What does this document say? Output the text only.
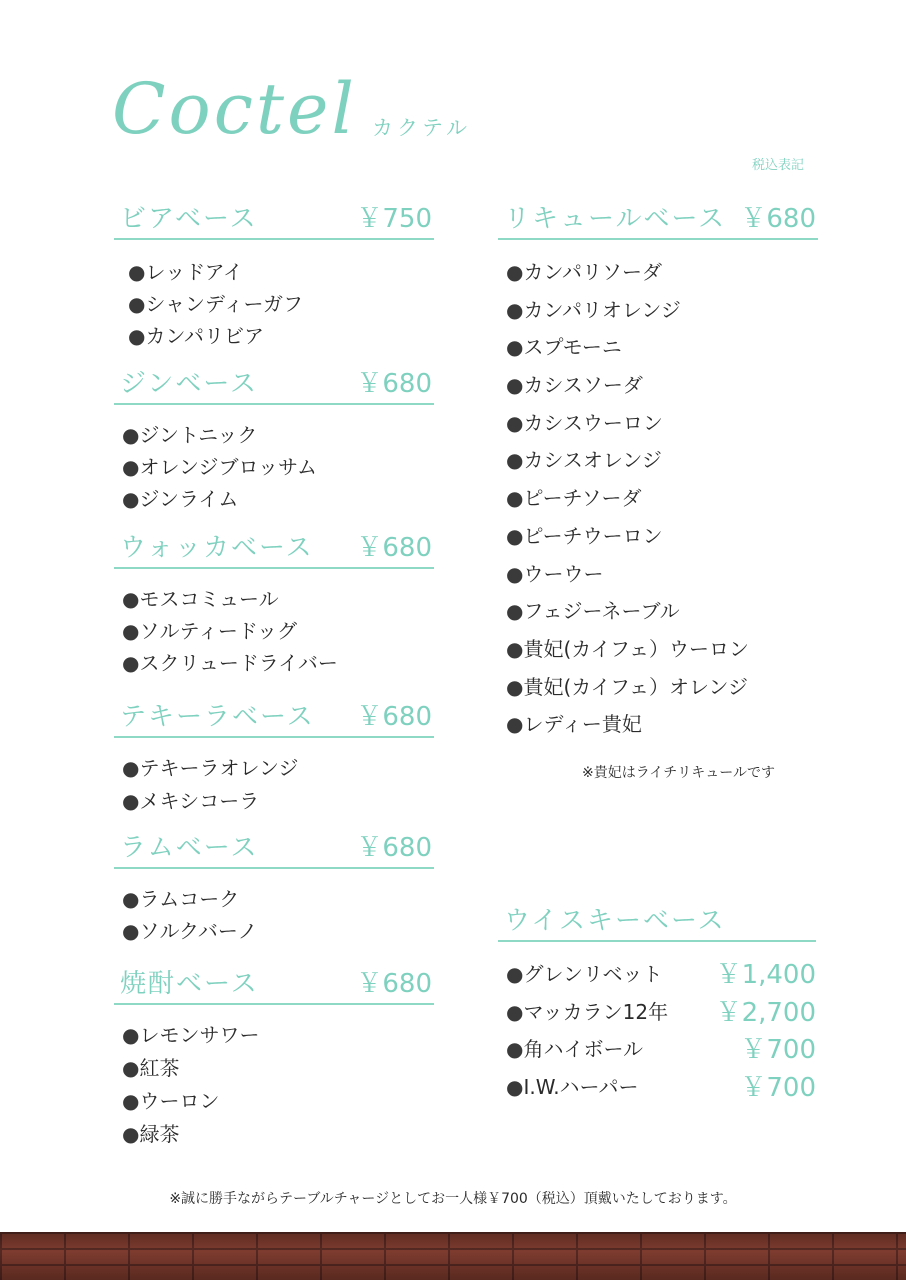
Coctel カクテル
税込表記
ビアベース	￥750
●レッドアイ
●シャンディーガフ
●カンパリビア
ジンベース	￥680
●ジントニック
●オレンジブロッサム
●ジンライム
ウォッカベース ￥680
●モスコミュール
●ソルティードッグ
●スクリュードライバー
テキーラベース ￥680
●テキーラオレンジ
●メキシコーラ
ラムベース	￥680
●ラムコーク
●ソルクバーノ
焼酎ベース	￥680
●レモンサワー
●紅茶
●ウーロン
●緑茶
リキュールベース ￥680
●カンパリソーダ
●カンパリオレンジ
●スプモーニ
●カシスソーダ
●カシスウーロン
●カシスオレンジ
●ピーチソーダ
●ピーチウーロン
●ウーウー
●フェジーネーブル
●貴妃(カイフェ）ウーロン
●貴妃(カイフェ）オレンジ
●レディー貴妃
※貴妃はライチリキュールです
ウイスキーベース
●グレンリベット ￥1,400
●マッカラン12年 ￥2,700
●角ハイボール	￥700
●I.W.ハーパー	￥700
※誠に勝手ながらテーブルチャージとしてお一人様￥700（税込）頂戴いたしております。
